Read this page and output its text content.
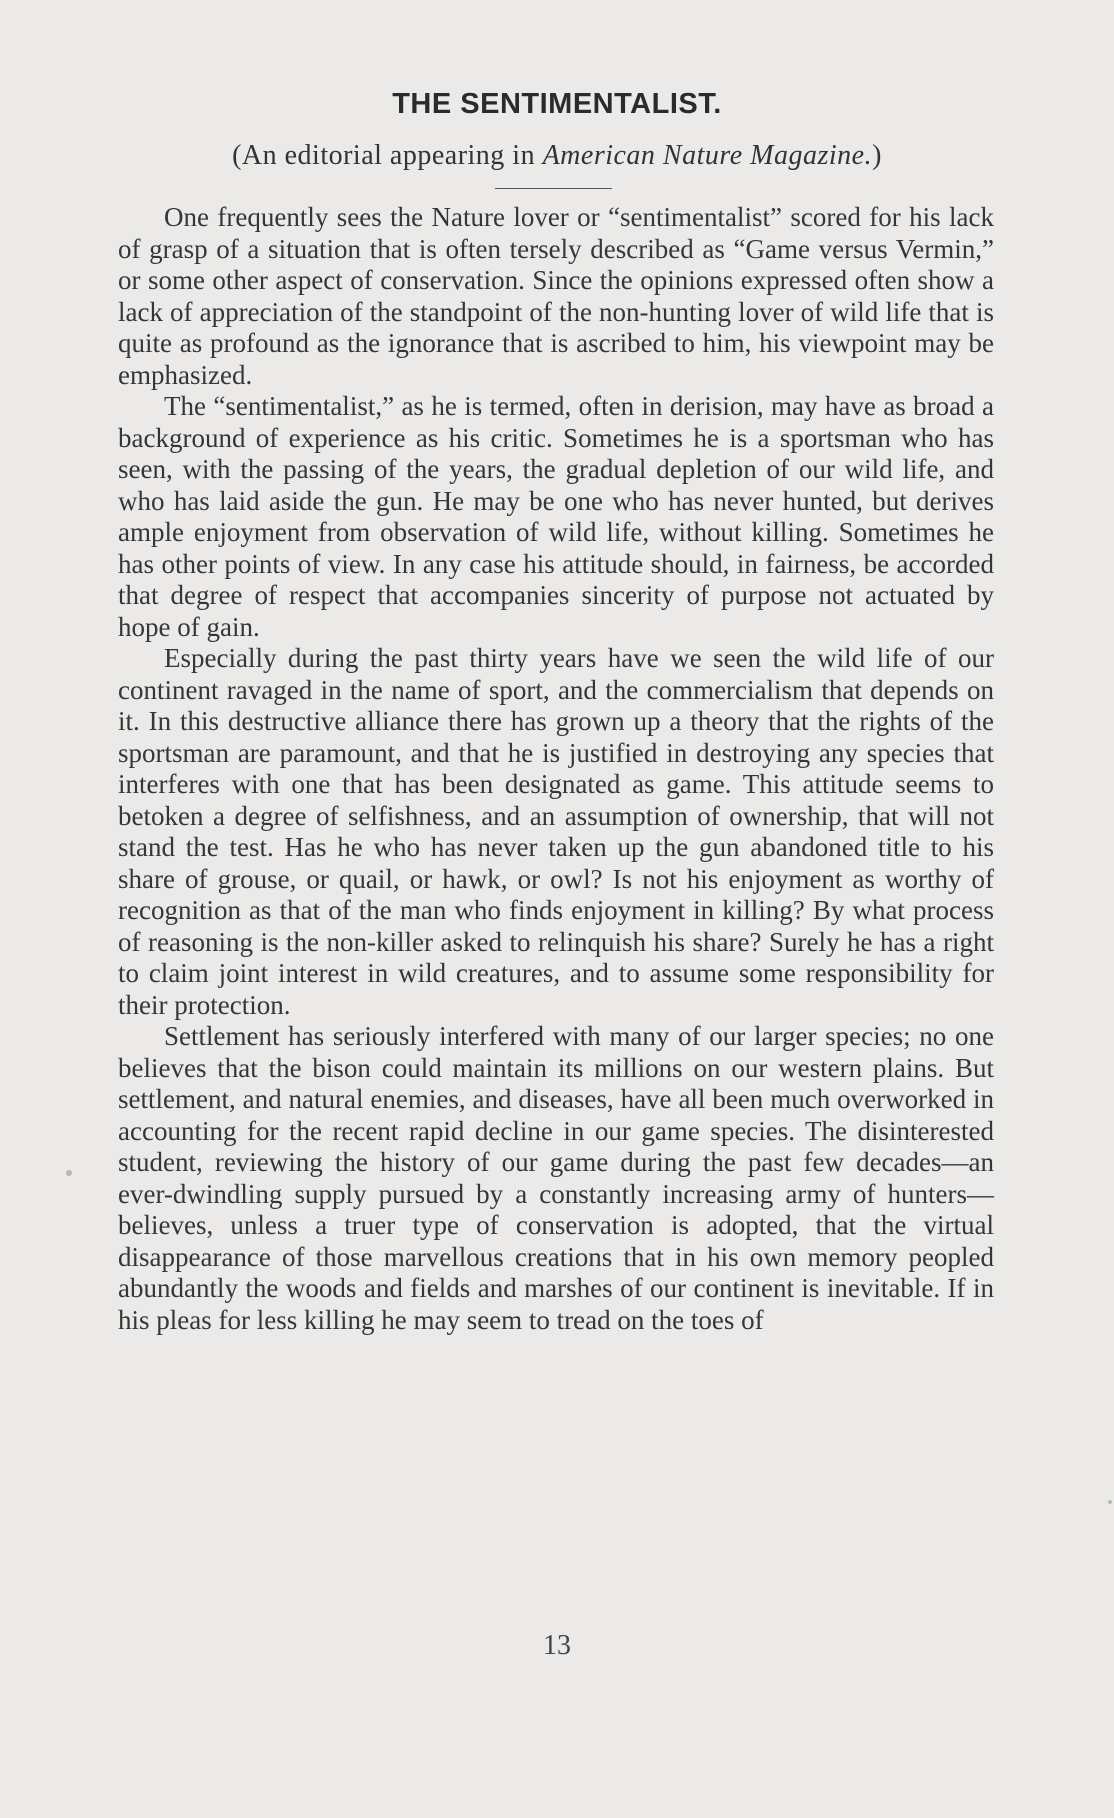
THE SENTIMENTALIST.
(An editorial appearing in American Nature Magazine.)

One frequently sees the Nature lover or “sentimentalist” scored for his lack of grasp of a situation that is often tersely described as “Game versus Vermin,” or some other aspect of conservation. Since the opinions expressed often show a lack of appreciation of the standpoint of the non-hunting lover of wild life that is quite as profound as the ignorance that is ascribed to him, his viewpoint may be emphasized.

The “sentimentalist,” as he is termed, often in derision, may have as broad a background of experience as his critic. Sometimes he is a sportsman who has seen, with the passing of the years, the gradual depletion of our wild life, and who has laid aside the gun. He may be one who has never hunted, but derives ample enjoyment from observation of wild life, without killing. Sometimes he has other points of view. In any case his attitude should, in fairness, be accorded that degree of respect that accompanies sincerity of purpose not actuated by hope of gain.

Especially during the past thirty years have we seen the wild life of our continent ravaged in the name of sport, and the commercialism that depends on it. In this destructive alliance there has grown up a theory that the rights of the sportsman are paramount, and that he is justified in destroying any species that interferes with one that has been designated as game. This attitude seems to betoken a degree of selfishness, and an assumption of ownership, that will not stand the test. Has he who has never taken up the gun abandoned title to his share of grouse, or quail, or hawk, or owl? Is not his enjoyment as worthy of recognition as that of the man who finds enjoyment in killing? By what process of reasoning is the non-killer asked to relinquish his share? Surely he has a right to claim joint interest in wild creatures, and to assume some responsibility for their protection.

Settlement has seriously interfered with many of our larger species; no one believes that the bison could maintain its millions on our western plains. But settlement, and natural enemies, and diseases, have all been much overworked in accounting for the recent rapid decline in our game species. The disinterested student, reviewing the history of our game during the past few decades—an ever-dwindling supply pursued by a constantly increasing army of hunters—believes, unless a truer type of conservation is adopted, that the virtual disappearance of those marvellous creations that in his own memory peopled abundantly the woods and fields and marshes of our continent is inevitable. If in his pleas for less killing he may seem to tread on the toes of

13
